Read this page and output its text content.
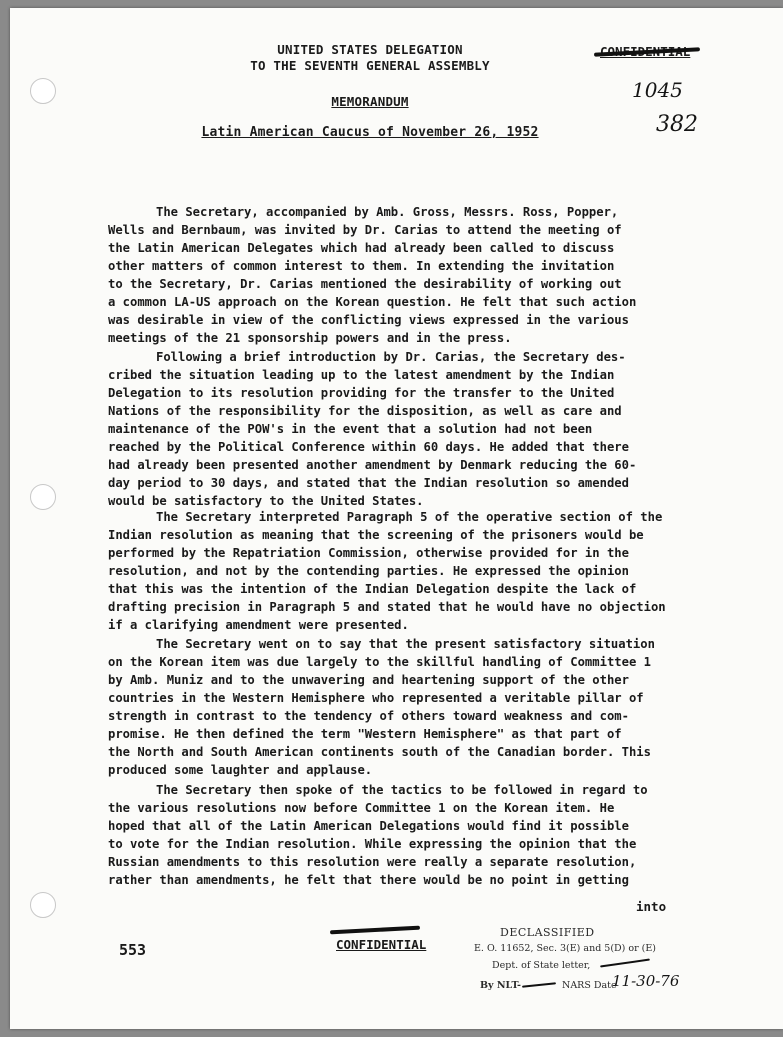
UNITED STATES DELEGATION
TO THE SEVENTH GENERAL ASSEMBLY
1045
382
MEMORANDUM
Latin American Caucus of November 26, 1952

The Secretary, accompanied by Amb. Gross, Messrs. Ross, Popper,
Wells and Bernbaum, was invited by Dr. Carias to attend the meeting of
the Latin American Delegates which had already been called to discuss
other matters of common interest to them. In extending the invitation
to the Secretary, Dr. Carias mentioned the desirability of working out
a common LA-US approach on the Korean question. He felt that such action
was desirable in view of the conflicting views expressed in the various
meetings of the 21 sponsorship powers and in the press.

Following a brief introduction by Dr. Carias, the Secretary des-
cribed the situation leading up to the latest amendment by the Indian
Delegation to its resolution providing for the transfer to the United
Nations of the responsibility for the disposition, as well as care and
maintenance of the POW's in the event that a solution had not been
reached by the Political Conference within 60 days. He added that there
had already been presented another amendment by Denmark reducing the 60-
day period to 30 days, and stated that the Indian resolution so amended
would be satisfactory to the United States.

The Secretary interpreted Paragraph 5 of the operative section of the
Indian resolution as meaning that the screening of the prisoners would be
performed by the Repatriation Commission, otherwise provided for in the
resolution, and not by the contending parties. He expressed the opinion
that this was the intention of the Indian Delegation despite the lack of
drafting precision in Paragraph 5 and stated that he would have no objection
if a clarifying amendment were presented.

The Secretary went on to say that the present satisfactory situation
on the Korean item was due largely to the skillful handling of Committee 1
by Amb. Muniz and to the unwavering and heartening support of the other
countries in the Western Hemisphere who represented a veritable pillar of
strength in contrast to the tendency of others toward weakness and com-
promise. He then defined the term "Western Hemisphere" as that part of
the North and South American continents south of the Canadian border. This
produced some laughter and applause.

The Secretary then spoke of the tactics to be followed in regard to
the various resolutions now before Committee 1 on the Korean item. He
hoped that all of the Latin American Delegations would find it possible
to vote for the Indian resolution. While expressing the opinion that the
Russian amendments to this resolution were really a separate resolution,
rather than amendments, he felt that there would be no point in getting

into
553	CONFIDENTIAL
DECLASSIFIED
E. O. 11652, Sec. 3(E) and 5(D) or (E)
Dept. of State letter,
By NLT-	NARS Date
11-30-76
